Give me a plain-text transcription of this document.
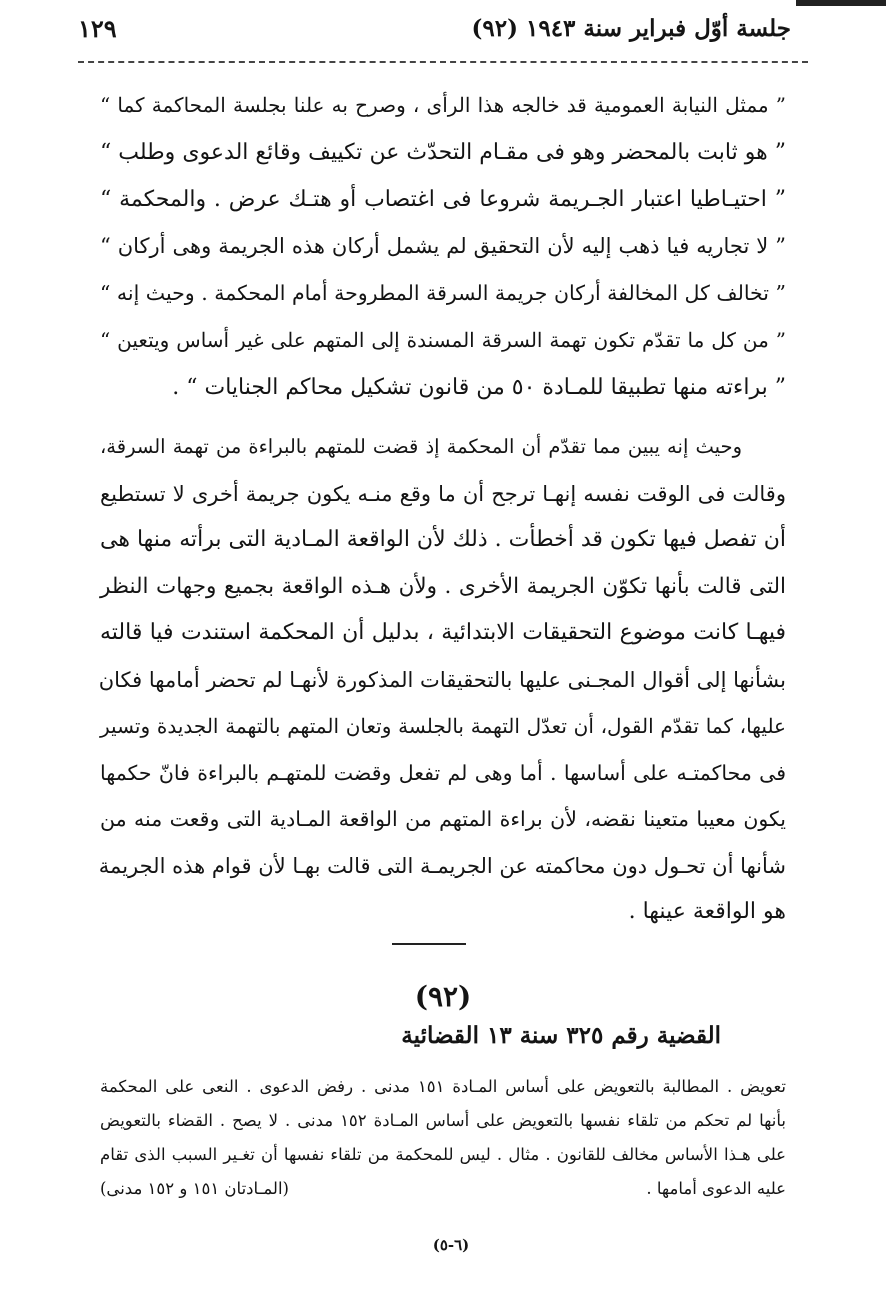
جلسة أوّل فبراير سنة ١٩٤٣ (٩٢)
١٢٩
” ممثل النيابة العمومية قد خالجه هذا الرأى ، وصرح به علنا بجلسة المحاكمة كما “
” هو ثابت بالمحضر وهو فى مقـام التحدّث عن تكييف وقائع الدعوى وطلب “
” احتيـاطيا اعتبار الجـريمة شروعا فى اغتصاب أو هتـك عرض . والمحكمة “
” لا تجاريه فيا ذهب إليه لأن التحقيق لم يشمل أركان هذه الجريمة وهى أركان “
” تخالف كل المخالفة أركان جريمة السرقة المطروحة أمام المحكمة . وحيث إنه “
” من كل ما تقدّم تكون تهمة السرقة المسندة إلى المتهم على غير أساس ويتعين “
” براءته منها تطبيقا للمـادة ٥٠ من قانون تشكيل محاكم الجنايات “ .
وحيث إنه يبين مما تقدّم أن المحكمة إذ قضت للمتهم بالبراءة من تهمة السرقة،
وقالت فى الوقت نفسه إنهـا ترجح أن ما وقع منـه يكون جريمة أخرى لا تستطيع
أن تفصل فيها تكون قد أخطأت . ذلك لأن الواقعة المـادية التى برأته منها هى
التى قالت بأنها تكوّن الجريمة الأخرى . ولأن هـذه الواقعة بجميع وجهات النظر
فيهـا كانت موضوع التحقيقات الابتدائية ، بدليل أن المحكمة استندت فيا قالته
بشأنها إلى أقوال المجـنى عليها بالتحقيقات المذكورة لأنهـا لم تحضر أمامها فكان
عليها، كما تقدّم القول، أن تعدّل التهمة بالجلسة وتعان المتهم بالتهمة الجديدة وتسير
فى محاكمتـه على أساسها . أما وهى لم تفعل وقضت للمتهـم بالبراءة فانّ حكمها
يكون معيبا متعينا نقضه، لأن براءة المتهم من الواقعة المـادية التى وقعت منه من
شأنها أن تحـول دون محاكمته عن الجريمـة التى قالت بهـا لأن قوام هذه الجريمة
هو الواقعة عينها .
(٩٢)
القضية رقم ٣٢٥ سنة ١٣ القضائية
تعويض . المطالبة بالتعويض على أساس المـادة ١٥١ مدنى . رفض الدعوى . النعى على المحكمة
بأنها لم تحكم من تلقاء نفسها بالتعويض على أساس المـادة ١٥٢ مدنى . لا يصح . القضاء بالتعويض
على هـذا الأساس مخالف للقانون . مثال . ليس للمحكمة من تلقاء نفسها أن تغـير السبب الذى تقام
عليه الدعوى أمامها .
(المـادتان ١٥١ و ١٥٢ مدنى)
(٦-٥)
